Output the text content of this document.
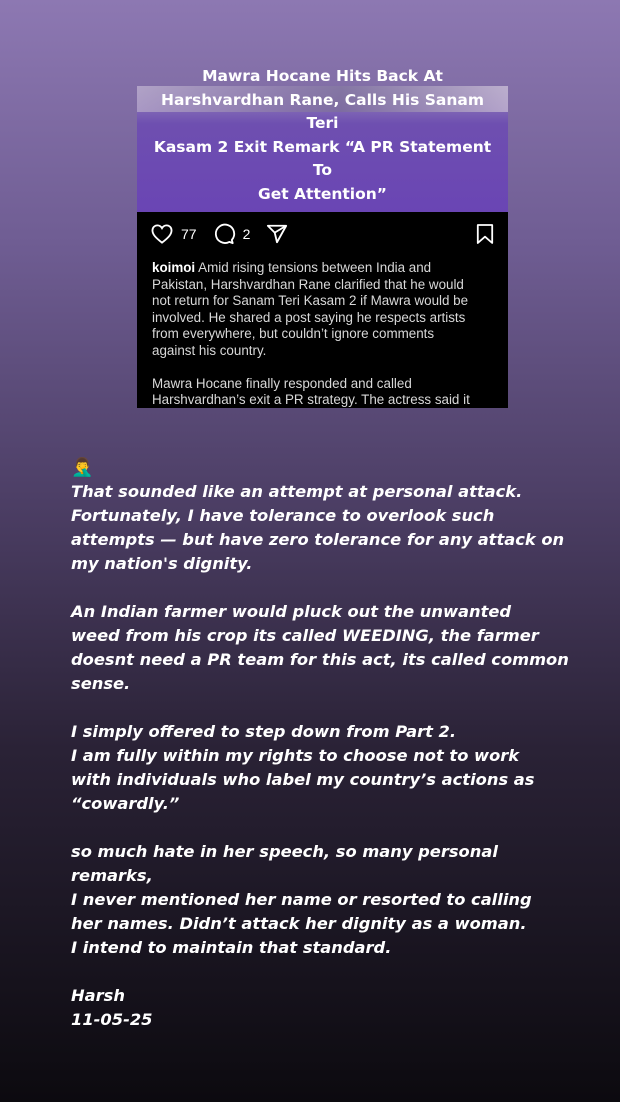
Mawra Hocane Hits Back At
Harshvardhan Rane, Calls His Sanam Teri
Kasam 2 Exit Remark “A PR Statement To
Get Attention”
77	2

koimoi Amid rising tensions between India and
Pakistan, Harshvardhan Rane clarified that he would
not return for Sanam Teri Kasam 2 if Mawra would be
involved. He shared a post saying he respects artists
from everywhere, but couldn’t ignore comments
against his country.

Mawra Hocane finally responded and called
Harshvardhan’s exit a PR strategy. The actress said it

🤦‍♂️

That sounded like an attempt at personal attack.
Fortunately, I have tolerance to overlook such
attempts — but have zero tolerance for any attack on
my nation's dignity.

An Indian farmer would pluck out the unwanted
weed from his crop its called WEEDING, the farmer
doesnt need a PR team for this act, its called common
sense.

I simply offered to step down from Part 2.
I am fully within my rights to choose not to work
with individuals who label my country’s actions as
“cowardly.”

so much hate in her speech, so many personal
remarks,
I never mentioned her name or resorted to calling
her names. Didn’t attack her dignity as a woman.
I intend to maintain that standard.

Harsh
11-05-25
